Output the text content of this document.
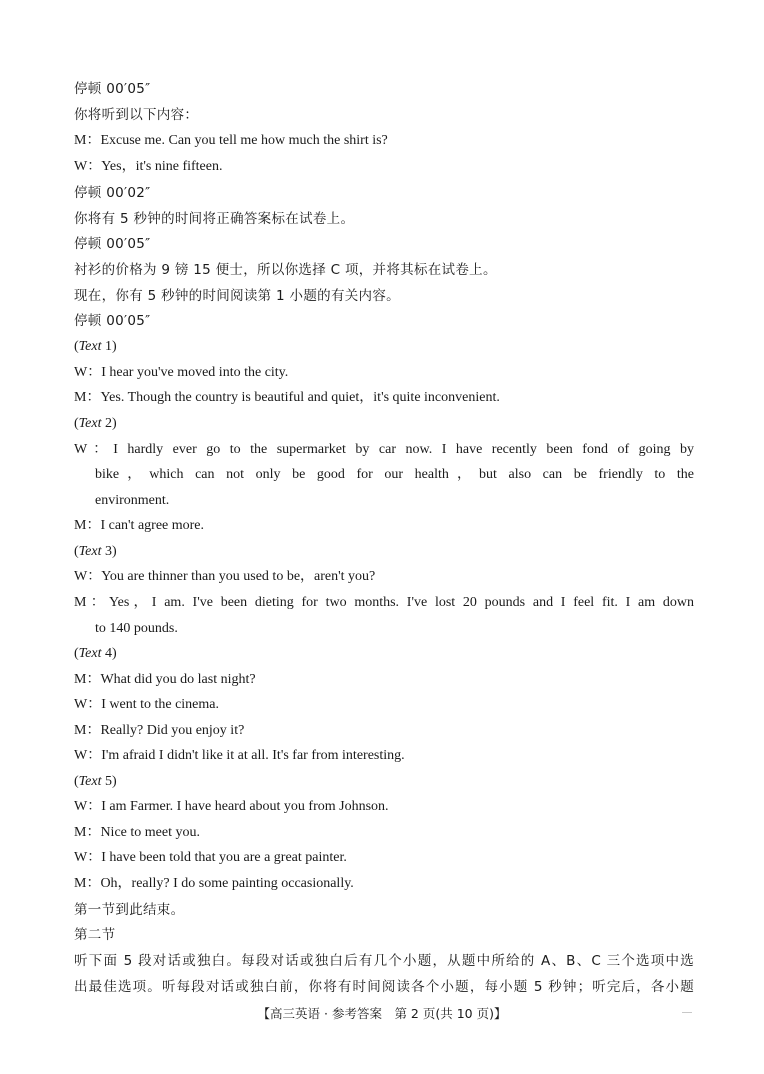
停顿 00′05″
你将听到以下内容：
M：Excuse me. Can you tell me how much the shirt is?
W：Yes，it's nine fifteen.
停顿 00′02″
你将有 5 秒钟的时间将正确答案标在试卷上。
停顿 00′05″
衬衫的价格为 9 镑 15 便士，所以你选择 C 项，并将其标在试卷上。
现在，你有 5 秒钟的时间阅读第 1 小题的有关内容。
停顿 00′05″
(Text 1)
W：I hear you've moved into the city.
M：Yes. Though the country is beautiful and quiet，it's quite inconvenient.
(Text 2)
W：I hardly ever go to the supermarket by car now. I have recently been fond of going by
bike，which can not only be good for our health，but also can be friendly to the
environment.
M：I can't agree more.
(Text 3)
W：You are thinner than you used to be，aren't you?
M：Yes，I am. I've been dieting for two months. I've lost 20 pounds and I feel fit. I am down
to 140 pounds.
(Text 4)
M：What did you do last night?
W：I went to the cinema.
M：Really? Did you enjoy it?
W：I'm afraid I didn't like it at all. It's far from interesting.
(Text 5)
W：I am Farmer. I have heard about you from Johnson.
M：Nice to meet you.
W：I have been told that you are a great painter.
M：Oh，really? I do some painting occasionally.
第一节到此结束。
第二节
听下面 5 段对话或独白。每段对话或独白后有几个小题，从题中所给的 A、B、C 三个选项中选
出最佳选项。听每段对话或独白前，你将有时间阅读各个小题，每小题 5 秒钟；听完后，各小题
【高三英语 · 参考答案　第 2 页(共 10 页)】
